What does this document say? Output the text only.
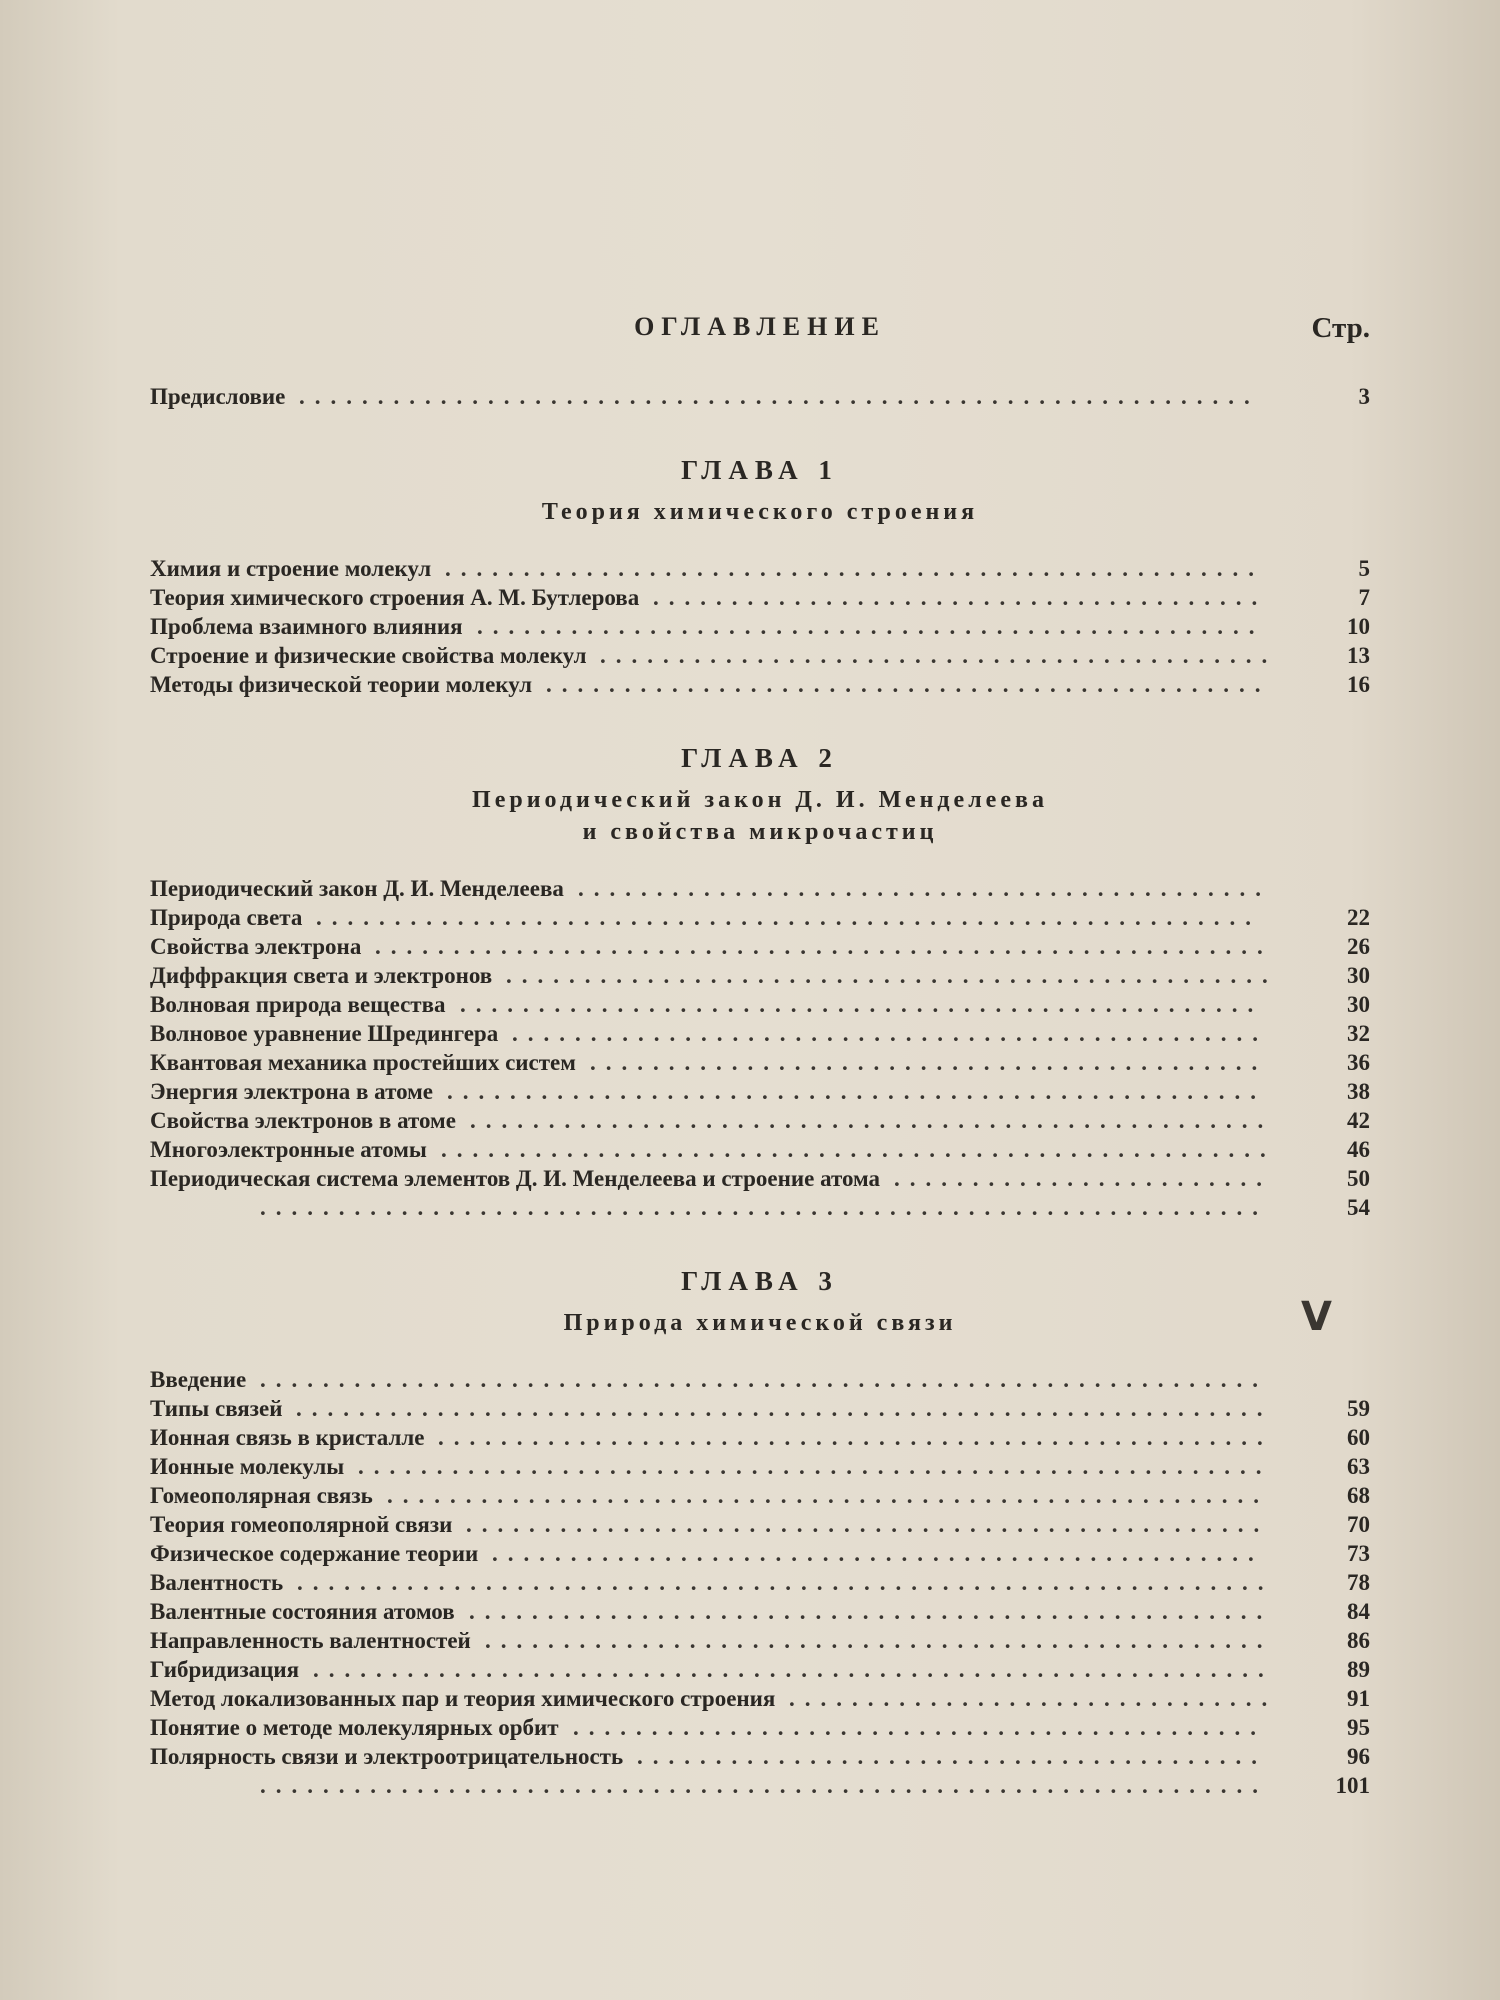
ОГЛАВЛЕНИЕ	Стр.
Предисловие .............................................................	3
ГЛАВА 1
Теория химического строения
Химия и строение молекул ....................................................	5
Теория химического строения А. М. Бутлерова .......................................	7
Проблема взаимного влияния ..................................................	10
Строение и физические свойства молекул ...........................................	13
Методы физической теории молекул ..............................................	16
ГЛАВА 2
Периодический закон Д. И. Менделеева
и свойства микрочастиц
Периодический закон Д. И. Менделеева ............................................
Природа света ............................................................	22
Свойства электрона .........................................................	26
Диффракция света и электронов .................................................	30
Волновая природа вещества ...................................................	30
Волновое уравнение Шредингера ................................................	32
Квантовая механика простейших систем ...........................................	36
Энергия электрона в атоме ....................................................	38
Свойства электронов в атоме ...................................................	42
Многоэлектронные атомы .....................................................	46
Периодическая система элементов Д. И. Менделеева и строение атома ........................	50
................................................................	54
ГЛАВА 3
Природа химической связи	V
Введение ................................................................
Типы связей ..............................................................	59
Ионная связь в кристалле .....................................................	60
Ионные молекулы ..........................................................	63
Гомеополярная связь ........................................................	68
Теория гомеополярной связи ...................................................	70
Физическое содержание теории .................................................	73
Валентность ..............................................................	78
Валентные состояния атомов ...................................................	84
Направленность валентностей ..................................................	86
Гибридизация .............................................................	89
Метод локализованных пар и теория химического строения ...............................	91
Понятие о методе молекулярных орбит ............................................	95
Полярность связи и электроотрицательность ........................................	96
................................................................	101
